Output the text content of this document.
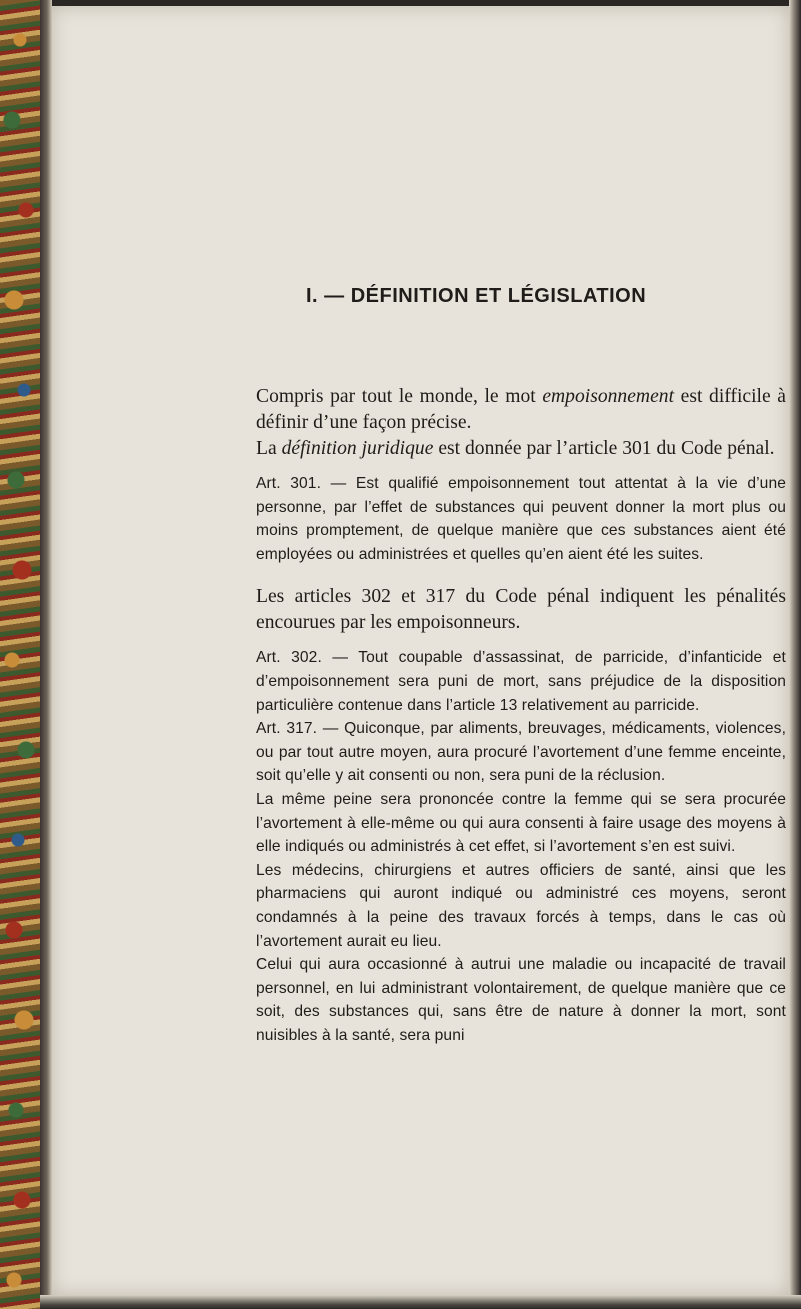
I. — DÉFINITION ET LÉGISLATION

Compris par tout le monde, le mot empoisonnement est difficile à définir d’une façon précise.

La définition juridique est donnée par l’article 301 du Code pénal.

Art. 301. — Est qualifié empoisonnement tout attentat à la vie d’une personne, par l’effet de substances qui peuvent donner la mort plus ou moins promptement, de quelque manière que ces substances aient été employées ou administrées et quelles qu’en aient été les suites.

Les articles 302 et 317 du Code pénal indiquent les pénalités encourues par les empoisonneurs.

Art. 302. — Tout coupable d’assassinat, de parricide, d’infanticide et d’empoisonnement sera puni de mort, sans préjudice de la disposition particulière contenue dans l’article 13 relativement au parricide.

Art. 317. — Quiconque, par aliments, breuvages, médicaments, violences, ou par tout autre moyen, aura procuré l’avortement d’une femme enceinte, soit qu’elle y ait consenti ou non, sera puni de la réclusion.

La même peine sera prononcée contre la femme qui se sera procurée l’avortement à elle-même ou qui aura consenti à faire usage des moyens à elle indiqués ou administrés à cet effet, si l’avortement s’en est suivi.

Les médecins, chirurgiens et autres officiers de santé, ainsi que les pharmaciens qui auront indiqué ou administré ces moyens, seront condamnés à la peine des travaux forcés à temps, dans le cas où l’avortement aurait eu lieu.

Celui qui aura occasionné à autrui une maladie ou incapacité de travail personnel, en lui administrant volontairement, de quelque manière que ce soit, des substances qui, sans être de nature à donner la mort, sont nuisibles à la santé, sera puni
